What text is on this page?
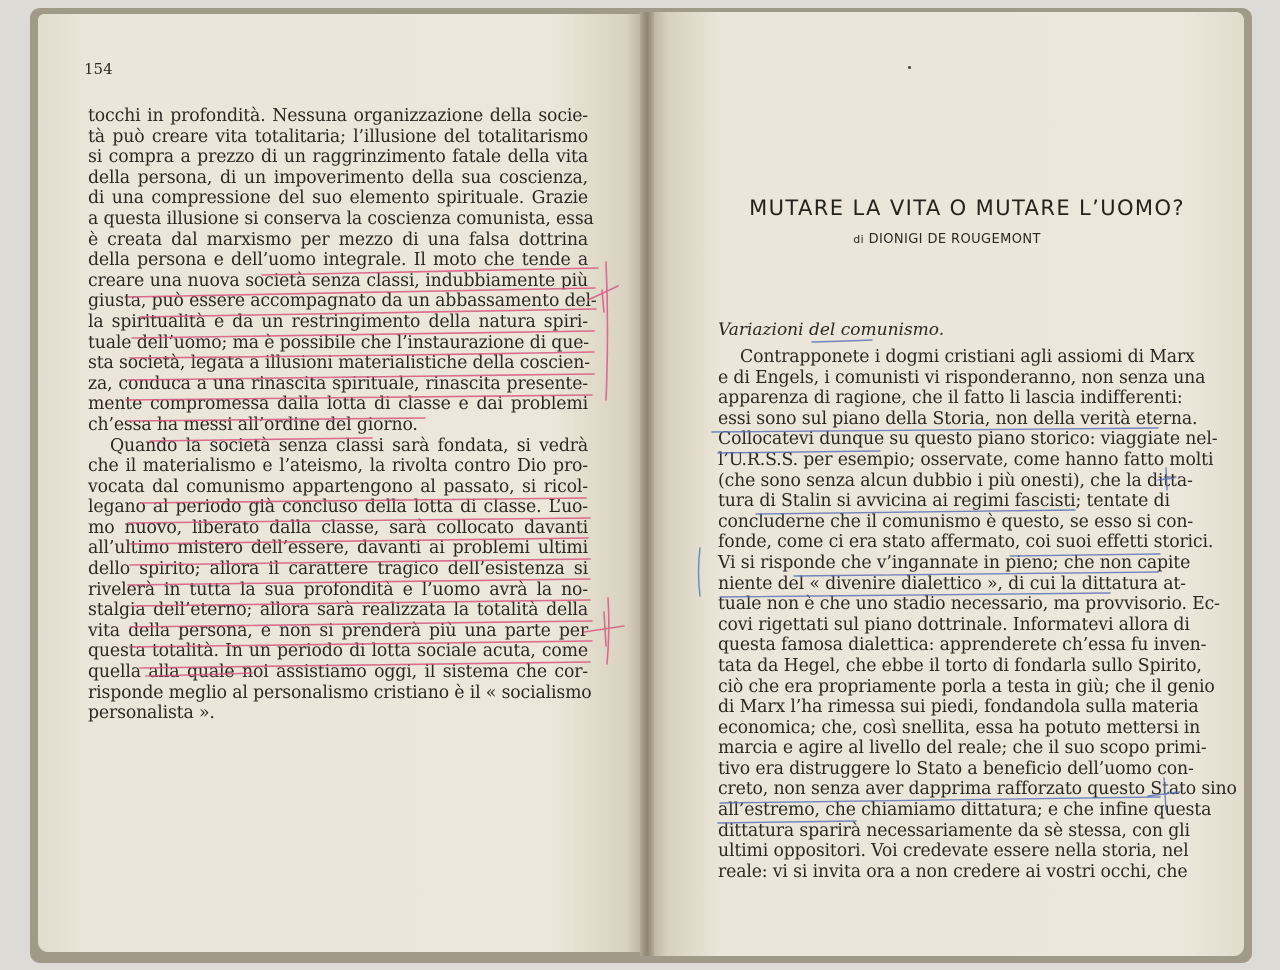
154
tocchi in profondità. Nessuna organizzazione della socie-
tà può creare vita totalitaria; l’illusione del totalitarismo
si compra a prezzo di un raggrinzimento fatale della vita
della persona, di un impoverimento della sua coscienza,
di una compressione del suo elemento spirituale. Grazie
a questa illusione si conserva la coscienza comunista, essa
è creata dal marxismo per mezzo di una falsa dottrina
della persona e dell’uomo integrale. Il moto che tende a
creare una nuova società senza classi, indubbiamente più
giusta, può essere accompagnato da un abbassamento del-
la spiritualità e da un restringimento della natura spiri-
tuale dell’uomo; ma è possibile che l’instaurazione di que-
sta società, legata a illusioni materialistiche della coscien-
za, conduca a una rinascita spirituale, rinascita presente-
mente compromessa dalla lotta di classe e dai problemi
ch’essa ha messi all’ordine del giorno.
Quando la società senza classi sarà fondata, si vedrà
che il materialismo e l’ateismo, la rivolta contro Dio pro-
vocata dal comunismo appartengono al passato, si ricol-
legano al periodo già concluso della lotta di classe. L’uo-
mo nuovo, liberato dalla classe, sarà collocato davanti
all’ultimo mistero dell’essere, davanti ai problemi ultimi
dello spirito; allora il carattere tragico dell’esistenza si
rivelerà in tutta la sua profondità e l’uomo avrà la no-
stalgia dell’eterno; allora sarà realizzata la totalità della
vita della persona, e non si prenderà più una parte per
questa totalità. In un periodo di lotta sociale acuta, come
quella alla quale noi assistiamo oggi, il sistema che cor-
risponde meglio al personalismo cristiano è il « socialismo
personalista ».
MUTARE LA VITA O MUTARE L’UOMO?
di DIONIGI DE ROUGEMONT
Variazioni del comunismo.
Contrapponete i dogmi cristiani agli assiomi di Marx
e di Engels, i comunisti vi risponderanno, non senza una
apparenza di ragione, che il fatto li lascia indifferenti:
essi sono sul piano della Storia, non della verità eterna.
Collocatevi dunque su questo piano storico: viaggiate nel-
l’U.R.S.S. per esempio; osservate, come hanno fatto molti
(che sono senza alcun dubbio i più onesti), che la ditta-
tura di Stalin si avvicina ai regimi fascisti; tentate di
concluderne che il comunismo è questo, se esso si con-
fonde, come ci era stato affermato, coi suoi effetti storici.
Vi si risponde che v’ingannate in pieno; che non capite
niente del « divenire dialettico », di cui la dittatura at-
tuale non è che uno stadio necessario, ma provvisorio. Ec-
covi rigettati sul piano dottrinale. Informatevi allora di
questa famosa dialettica: apprenderete ch’essa fu inven-
tata da Hegel, che ebbe il torto di fondarla sullo Spirito,
ciò che era propriamente porla a testa in giù; che il genio
di Marx l’ha rimessa sui piedi, fondandola sulla materia
economica; che, così snellita, essa ha potuto mettersi in
marcia e agire al livello del reale; che il suo scopo primi-
tivo era distruggere lo Stato a beneficio dell’uomo con-
creto, non senza aver dapprima rafforzato questo Stato sino
all’estremo, che chiamiamo dittatura; e che infine questa
dittatura sparirà necessariamente da sè stessa, con gli
ultimi oppositori. Voi credevate essere nella storia, nel
reale: vi si invita ora a non credere ai vostri occhi, che
